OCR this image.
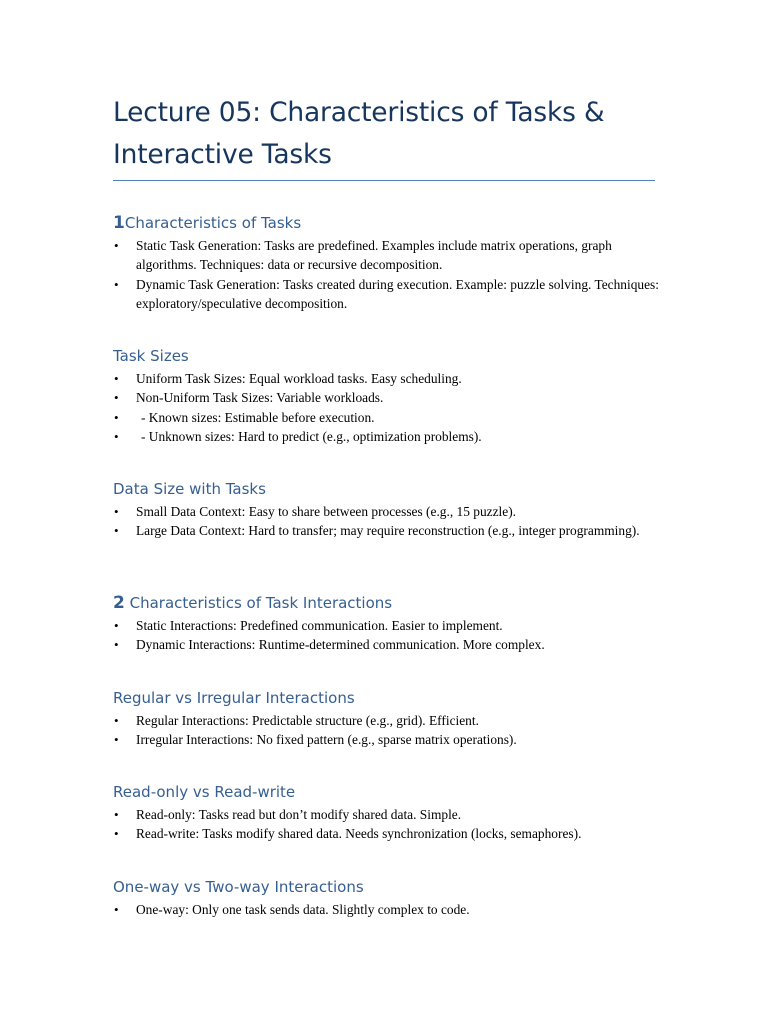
Lecture 05: Characteristics of Tasks & Interactive Tasks
1Characteristics of Tasks
• Static Task Generation: Tasks are predefined. Examples include matrix operations, graph algorithms. Techniques: data or recursive decomposition.
• Dynamic Task Generation: Tasks created during execution. Example: puzzle solving. Techniques: exploratory/speculative decomposition.
Task Sizes
• Uniform Task Sizes: Equal workload tasks. Easy scheduling.
• Non-Uniform Task Sizes: Variable workloads.
•	- Known sizes: Estimable before execution.
•	- Unknown sizes: Hard to predict (e.g., optimization problems).
Data Size with Tasks
• Small Data Context: Easy to share between processes (e.g., 15 puzzle).
• Large Data Context: Hard to transfer; may require reconstruction (e.g., integer programming).
2 Characteristics of Task Interactions
• Static Interactions: Predefined communication. Easier to implement.
• Dynamic Interactions: Runtime-determined communication. More complex.
Regular vs Irregular Interactions
• Regular Interactions: Predictable structure (e.g., grid). Efficient.
• Irregular Interactions: No fixed pattern (e.g., sparse matrix operations).
Read-only vs Read-write
• Read-only: Tasks read but don’t modify shared data. Simple.
• Read-write: Tasks modify shared data. Needs synchronization (locks, semaphores).
One-way vs Two-way Interactions
• One-way: Only one task sends data. Slightly complex to code.
